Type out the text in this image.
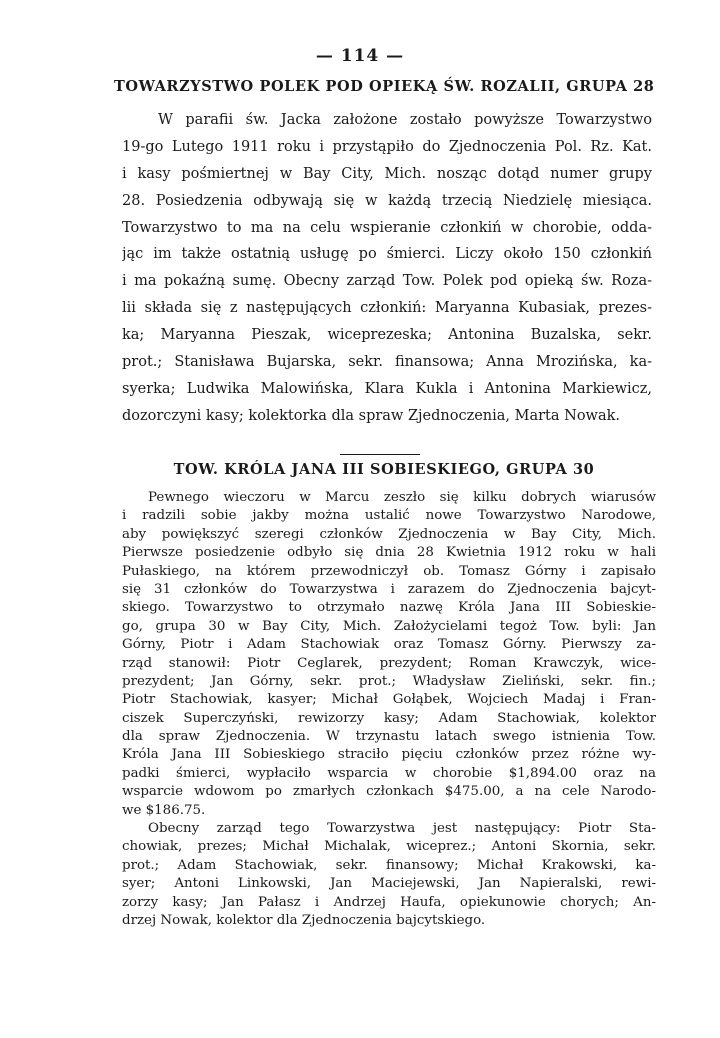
— 114 —
TOWARZYSTWO POLEK POD OPIEKĄ ŚW. ROZALII, GRUPA 28
W parafii św. Jacka założone zostało powyższe Towarzystwo
19-go Lutego 1911 roku i przystąpiło do Zjednoczenia Pol. Rz. Kat.
i kasy pośmiertnej w Bay City, Mich. nosząc dotąd numer grupy
28. Posiedzenia odbywają się w każdą trzecią Niedzielę miesiąca.
Towarzystwo to ma na celu wspieranie członkiń w chorobie, odda-
jąc im także ostatnią usługę po śmierci. Liczy około 150 członkiń
i ma pokaźną sumę. Obecny zarząd Tow. Polek pod opieką św. Roza-
lii składa się z następujących członkiń: Maryanna Kubasiak, prezes-
ka; Maryanna Pieszak, wiceprezeska; Antonina Buzalska, sekr.
prot.; Stanisława Bujarska, sekr. finansowa; Anna Mrozińska, ka-
syerka; Ludwika Malowińska, Klara Kukla i Antonina Markiewicz,
dozorczyni kasy; kolektorka dla spraw Zjednoczenia, Marta Nowak.
TOW. KRÓLA JANA III SOBIESKIEGO, GRUPA 30
Pewnego wieczoru w Marcu zeszło się kilku dobrych wiarusów
i radzili sobie jakby można ustalić nowe Towarzystwo Narodowe,
aby powiększyć szeregi członków Zjednoczenia w Bay City, Mich.
Pierwsze posiedzenie odbyło się dnia 28 Kwietnia 1912 roku w hali
Pułaskiego, na którem przewodniczył ob. Tomasz Górny i zapisało
się 31 członków do Towarzystwa i zarazem do Zjednoczenia bajcyt-
skiego. Towarzystwo to otrzymało nazwę Króla Jana III Sobieskie-
go, grupa 30 w Bay City, Mich. Założycielami tegoż Tow. byli: Jan
Górny, Piotr i Adam Stachowiak oraz Tomasz Górny. Pierwszy za-
rząd stanowił: Piotr Ceglarek, prezydent; Roman Krawczyk, wice-
prezydent; Jan Górny, sekr. prot.; Władysław Zieliński, sekr. fin.;
Piotr Stachowiak, kasyer; Michał Gołąbek, Wojciech Madaj i Fran-
ciszek Superczyński, rewizorzy kasy; Adam Stachowiak, kolektor
dla spraw Zjednoczenia. W trzynastu latach swego istnienia Tow.
Króla Jana III Sobieskiego straciło pięciu członków przez różne wy-
padki śmierci, wypłaciło wsparcia w chorobie $1,894.00 oraz na
wsparcie wdowom po zmarłych członkach $475.00, a na cele Narodo-
we $186.75.
Obecny zarząd tego Towarzystwa jest następujący: Piotr Sta-
chowiak, prezes; Michał Michalak, wiceprez.; Antoni Skornia, sekr.
prot.; Adam Stachowiak, sekr. finansowy; Michał Krakowski, ka-
syer; Antoni Linkowski, Jan Maciejewski, Jan Napieralski, rewi-
zorzy kasy; Jan Pałasz i Andrzej Haufa, opiekunowie chorych; An-
drzej Nowak, kolektor dla Zjednoczenia bajcytskiego.
